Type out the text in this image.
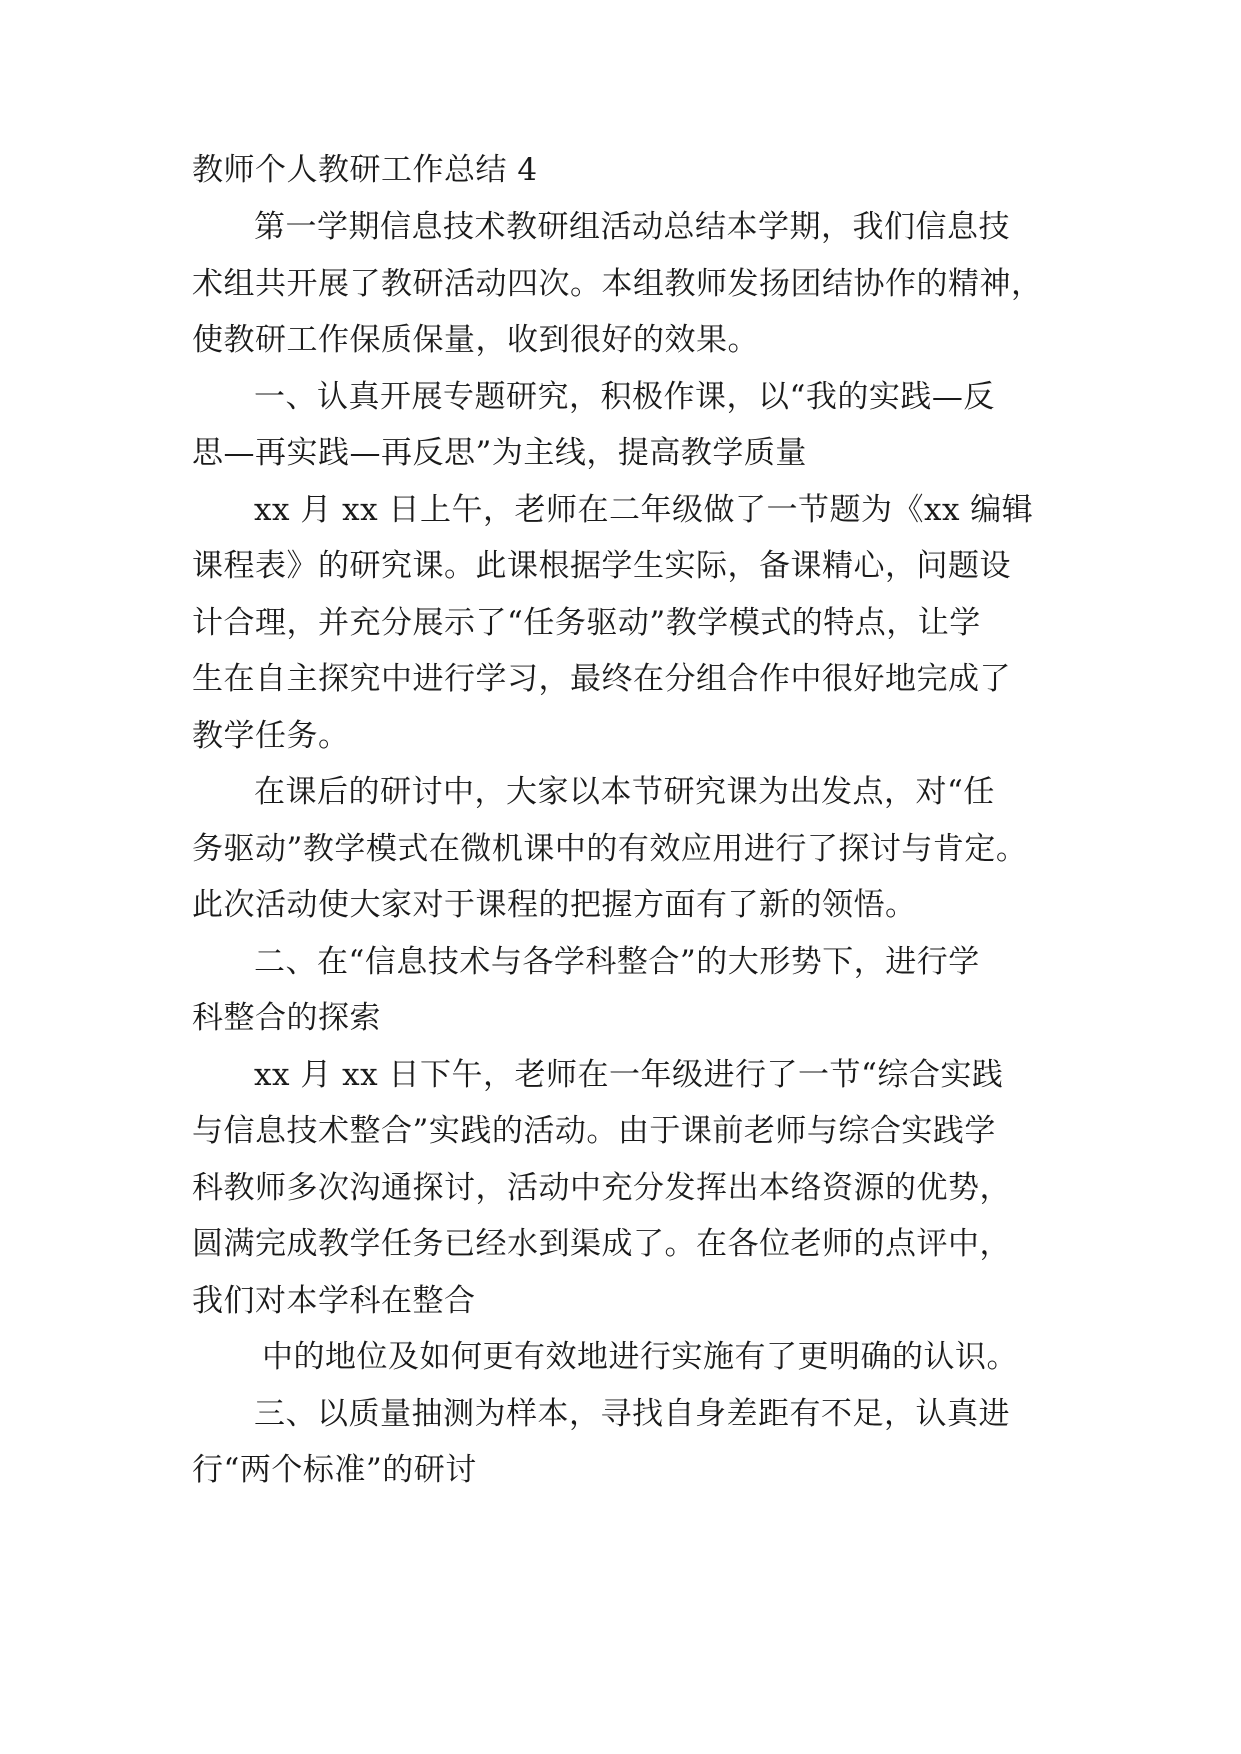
教师个人教研工作总结 4
第一学期信息技术教研组活动总结本学期，我们信息技
术组共开展了教研活动四次。本组教师发扬团结协作的精神，
使教研工作保质保量，收到很好的效果。
一、认真开展专题研究，积极作课，以“我的实践—反
思—再实践—再反思”为主线，提高教学质量
xx 月 xx 日上午，老师在二年级做了一节题为《xx 编辑
课程表》的研究课。此课根据学生实际，备课精心，问题设
计合理，并充分展示了“任务驱动”教学模式的特点，让学
生在自主探究中进行学习，最终在分组合作中很好地完成了
教学任务。
在课后的研讨中，大家以本节研究课为出发点，对“任
务驱动”教学模式在微机课中的有效应用进行了探讨与肯定。
此次活动使大家对于课程的把握方面有了新的领悟。
二、在“信息技术与各学科整合”的大形势下，进行学
科整合的探索
xx 月 xx 日下午，老师在一年级进行了一节“综合实践
与信息技术整合”实践的活动。由于课前老师与综合实践学
科教师多次沟通探讨，活动中充分发挥出本络资源的优势，
圆满完成教学任务已经水到渠成了。在各位老师的点评中，
我们对本学科在整合
中的地位及如何更有效地进行实施有了更明确的认识。
三、以质量抽测为样本，寻找自身差距有不足，认真进
行“两个标准”的研讨
